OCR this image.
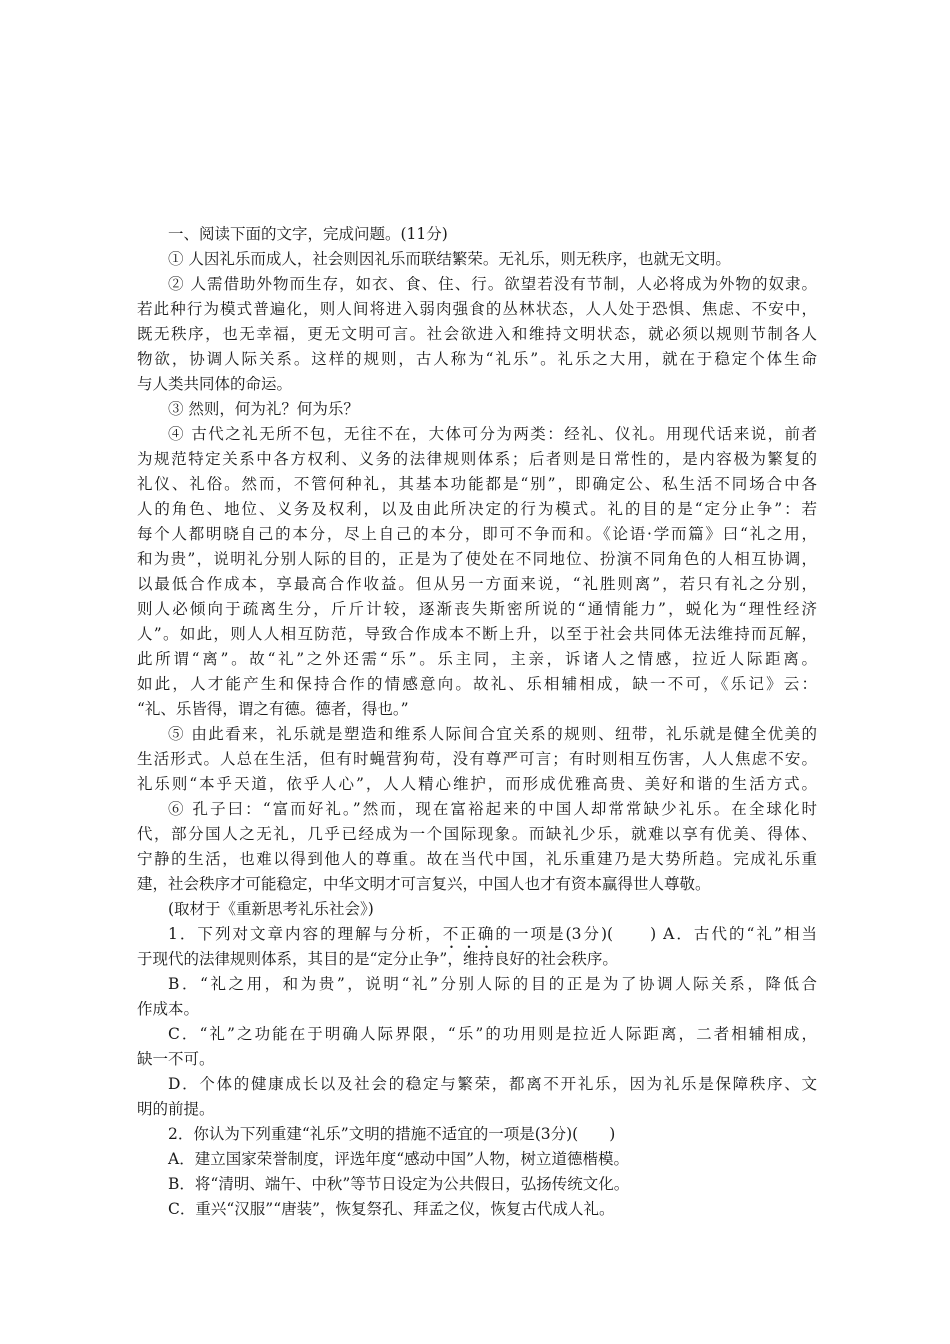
一、阅读下面的文字，完成问题。(11分)
① 人因礼乐而成人，社会则因礼乐而联结繁荣。无礼乐，则无秩序，也就无文明。
② 人需借助外物而生存，如衣、食、住、行。欲望若没有节制，人必将成为外物的奴隶。
若此种行为模式普遍化，则人间将进入弱肉强食的丛林状态，人人处于恐惧、焦虑、不安中，
既无秩序，也无幸福，更无文明可言。社会欲进入和维持文明状态，就必须以规则节制各人
物欲，协调人际关系。这样的规则，古人称为“礼乐”。礼乐之大用，就在于稳定个体生命
与人类共同体的命运。
③ 然则，何为礼？何为乐？
④ 古代之礼无所不包，无往不在，大体可分为两类：经礼、仪礼。用现代话来说，前者
为规范特定关系中各方权利、义务的法律规则体系；后者则是日常性的，是内容极为繁复的
礼仪、礼俗。然而，不管何种礼，其基本功能都是“别”，即确定公、私生活不同场合中各
人的角色、地位、义务及权利，以及由此所决定的行为模式。礼的目的是“定分止争”：若
每个人都明晓自己的本分，尽上自己的本分，即可不争而和。《论语·学而篇》曰“礼之用，
和为贵”，说明礼分别人际的目的，正是为了使处在不同地位、扮演不同角色的人相互协调，
以最低合作成本，享最高合作收益。但从另一方面来说，“礼胜则离”，若只有礼之分别，
则人必倾向于疏离生分，斤斤计较，逐渐丧失斯密所说的“通情能力”，蜕化为“理性经济
人”。如此，则人人相互防范，导致合作成本不断上升，以至于社会共同体无法维持而瓦解，
此所谓“离”。故“礼”之外还需“乐”。乐主同，主亲，诉诸人之情感，拉近人际距离。
如此，人才能产生和保持合作的情感意向。故礼、乐相辅相成，缺一不可，《乐记》云：
“礼、乐皆得，谓之有德。德者，得也。”
⑤ 由此看来，礼乐就是塑造和维系人际间合宜关系的规则、纽带，礼乐就是健全优美的
生活形式。人总在生活，但有时蝇营狗苟，没有尊严可言；有时则相互伤害，人人焦虑不安。
礼乐则“本乎天道，依乎人心”，人人精心维护，而形成优雅高贵、美好和谐的生活方式。
⑥ 孔子曰：“富而好礼。”然而，现在富裕起来的中国人却常常缺少礼乐。在全球化时
代，部分国人之无礼，几乎已经成为一个国际现象。而缺礼少乐，就难以享有优美、得体、
宁静的生活，也难以得到他人的尊重。故在当代中国，礼乐重建乃是大势所趋。完成礼乐重
建，社会秩序才可能稳定，中华文明才可言复兴，中国人也才有资本赢得世人尊敬。
(取材于《重新思考礼乐社会》)
1．下列对文章内容的理解与分析，不正确的一项是(3分)(　　) A．古代的“礼”相当
于现代的法律规则体系，其目的是“定分止争”，维持良好的社会秩序。
B．“礼之用，和为贵”，说明“礼”分别人际的目的正是为了协调人际关系，降低合
作成本。
C．“礼”之功能在于明确人际界限，“乐”的功用则是拉近人际距离，二者相辅相成，
缺一不可。
D．个体的健康成长以及社会的稳定与繁荣，都离不开礼乐，因为礼乐是保障秩序、文
明的前提。
2．你认为下列重建“礼乐”文明的措施不适宜的一项是(3分)(　　)
A．建立国家荣誉制度，评选年度“感动中国”人物，树立道德楷模。
B．将“清明、端午、中秋”等节日设定为公共假日，弘扬传统文化。
C．重兴“汉服”“唐装”，恢复祭孔、拜孟之仪，恢复古代成人礼。
